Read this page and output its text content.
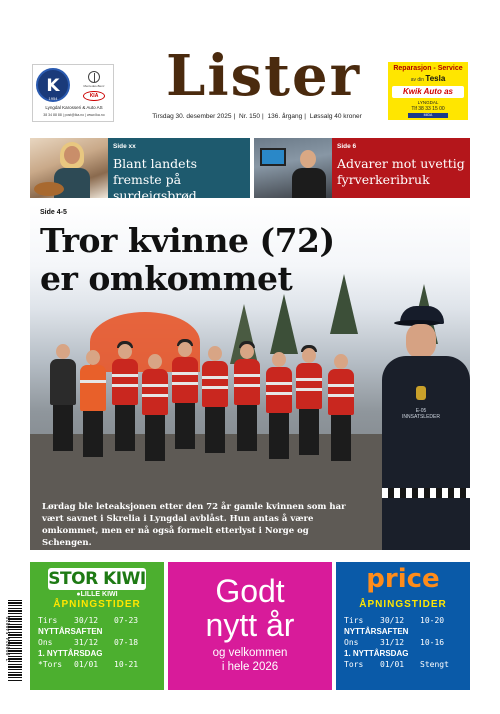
K
1954
Mercedes-Benz
KIA
Lyngdal Karosseri & Auto AS
38 34 88 88 | post@lka.no | www.lka.no
Lister
Tirsdag 30. desember 2025 | Nr. 150 | 136. årgang | Løssalg 40 kroner
Reparasjon - Service
av din Tesla
Kwik Auto as
LYNGDAL
Tlf 38 33 15 00
MIDA
Side xx
Blant landets fremste på surdeigsbrød
Side 6
Advarer mot uvettig fyrverkeribruk
E-05 INNSATSLEDER
Side 4-5
Tror kvinne (72) er omkommet

Lørdag ble leteaksjonen etter den 72 år gamle kvinnen som har vært savnet i Skrelia i Lyngdal avblåst. Hun antas å være omkommet, men er nå også formelt etterlyst i Norge og Schengen.

STOR KIWI
●LILLE KIWI
ÅPNINGSTIDER
Tirs	30/12	07-23
NYTTÅRSAFTEN
Ons	31/12	07-18
1. NYTTÅRSDAG
*Tors	01/01	10-21
Godt
nytt år
og velkommen
i hele 2026
price
ÅPNINGSTIDER
Tirs	30/12	10-20
NYTTÅRSAFTEN
Ons	31/12	10-16
1. NYTTÅRSDAG
Tors	01/01	Stengt
7 090014 540019
